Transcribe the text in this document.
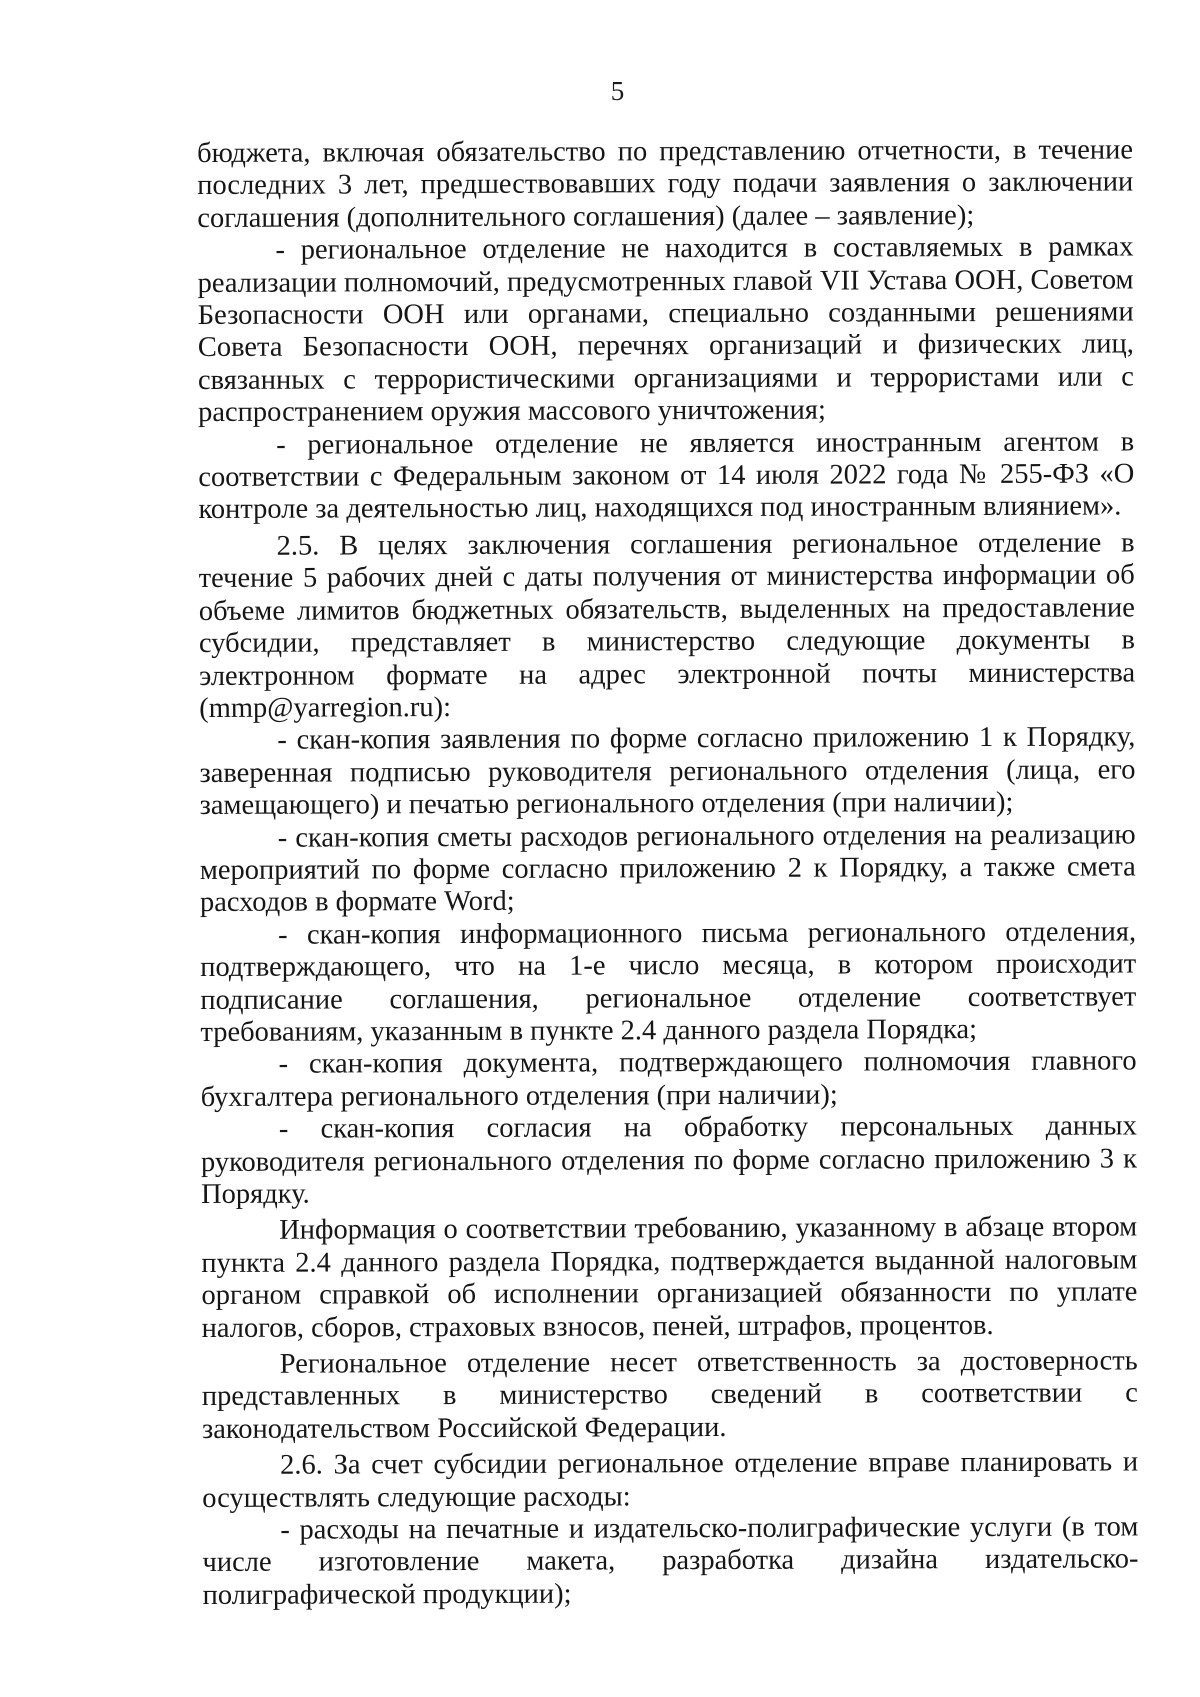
5

бюджета, включая обязательство по представлению отчетности, в течение последних 3 лет, предшествовавших году подачи заявления о заключении соглашения (дополнительного соглашения) (далее – заявление);

- региональное отделение не находится в составляемых в рамках реализации полномочий, предусмотренных главой VII Устава ООН, Советом Безопасности ООН или органами, специально созданными решениями Совета Безопасности ООН, перечнях организаций и физических лиц, связанных с террористическими организациями и террористами или с распространением оружия массового уничтожения;

- региональное отделение не является иностранным агентом в соответствии с Федеральным законом от 14 июля 2022 года № 255-ФЗ «О контроле за деятельностью лиц, находящихся под иностранным влиянием».

2.5. В целях заключения соглашения региональное отделение в течение 5 рабочих дней с даты получения от министерства информации об объеме лимитов бюджетных обязательств, выделенных на предоставление субсидии, представляет в министерство следующие документы в электронном формате на адрес электронной почты министерства (mmp@yarregion.ru):

- скан-копия заявления по форме согласно приложению 1 к Порядку, заверенная подписью руководителя регионального отделения (лица, его замещающего) и печатью регионального отделения (при наличии);

- скан-копия сметы расходов регионального отделения на реализацию мероприятий по форме согласно приложению 2 к Порядку, а также смета расходов в формате Word;

- скан-копия информационного письма регионального отделения, подтверждающего, что на 1-е число месяца, в котором происходит подписание соглашения, региональное отделение соответствует требованиям, указанным в пункте 2.4 данного раздела Порядка;

- скан-копия документа, подтверждающего полномочия главного бухгалтера регионального отделения (при наличии);

- скан-копия согласия на обработку персональных данных руководителя регионального отделения по форме согласно приложению 3 к Порядку.

Информация о соответствии требованию, указанному в абзаце втором пункта 2.4 данного раздела Порядка, подтверждается выданной налоговым органом справкой об исполнении организацией обязанности по уплате налогов, сборов, страховых взносов, пеней, штрафов, процентов.

Региональное отделение несет ответственность за достоверность представленных в министерство сведений в соответствии с законодательством Российской Федерации.

2.6. За счет субсидии региональное отделение вправе планировать и осуществлять следующие расходы:

- расходы на печатные и издательско-полиграфические услуги (в том числе изготовление макета, разработка дизайна издательско-полиграфической продукции);
